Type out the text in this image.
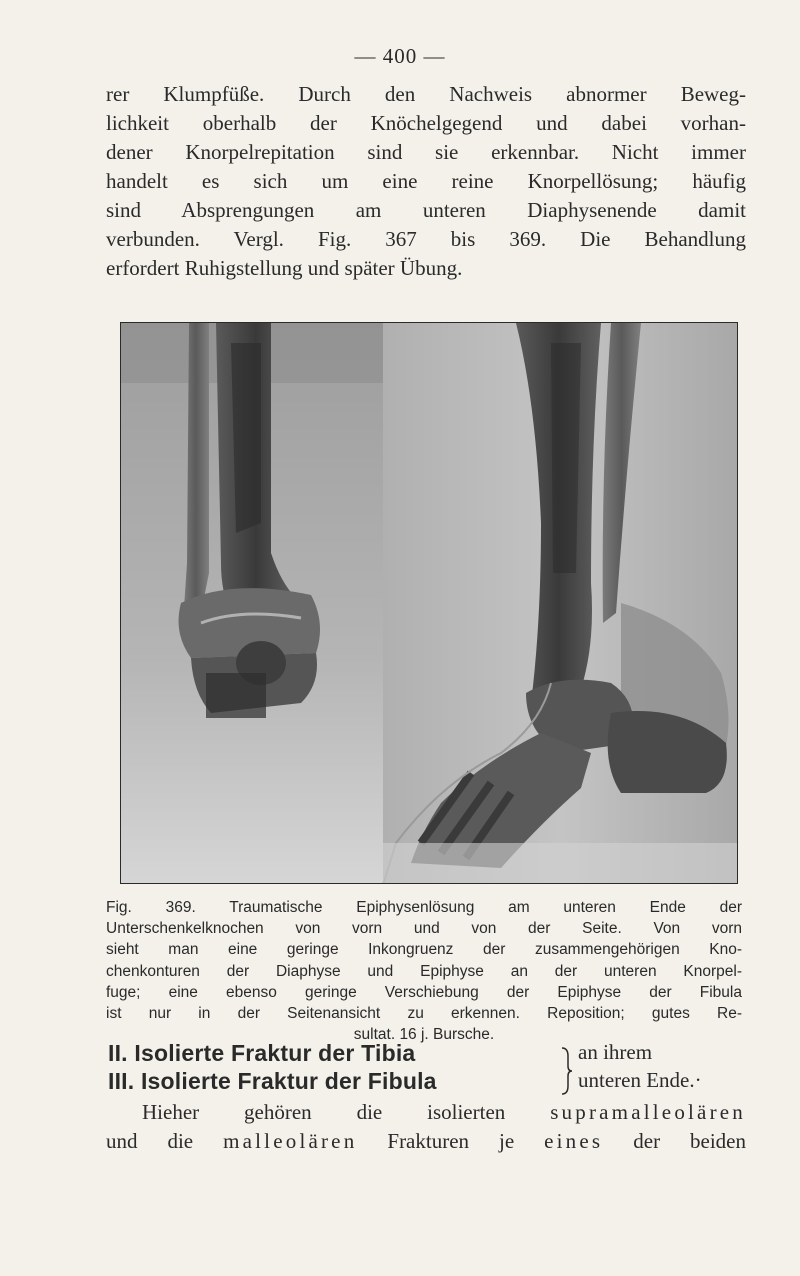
— 400 —
rer Klumpfüße. Durch den Nachweis abnormer Beweg-
lichkeit oberhalb der Knöchelgegend und dabei vorhan-
dener Knorpelrepitation sind sie erkennbar. Nicht immer
handelt es sich um eine reine Knorpellösung; häufig
sind Absprengungen am unteren Diaphysenende damit
verbunden. Vergl. Fig. 367 bis 369. Die Behandlung
erfordert Ruhigstellung und später Übung.
Fig. 369. Traumatische Epiphysenlösung am unteren Ende der
Unterschenkelknochen von vorn und von der Seite. Von vorn
sieht man eine geringe Inkongruenz der zusammengehörigen Kno-
chenkonturen der Diaphyse und Epiphyse an der unteren Knorpel-
fuge; eine ebenso geringe Verschiebung der Epiphyse der Fibula
ist nur in der Seitenansicht zu erkennen. Reposition; gutes Re-
sultat. 16 j. Bursche.
II. Isolierte Fraktur der Tibia	an ihrem
III. Isolierte Fraktur der Fibula	unteren Ende.·
Hieher gehören die isolierten supramalleolären
und die malleolären Frakturen je eines der beiden
